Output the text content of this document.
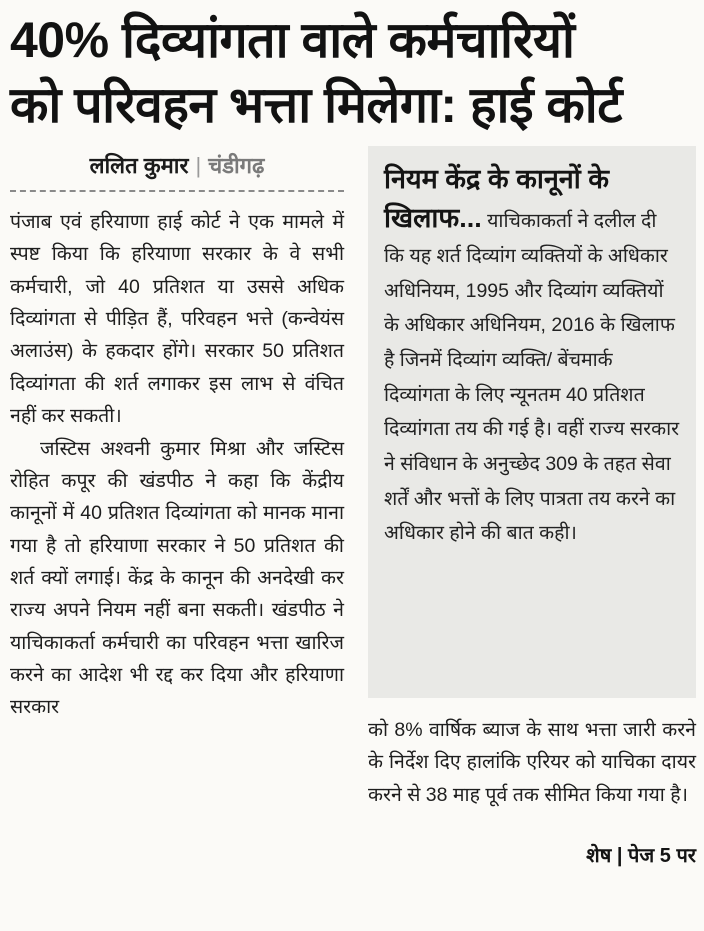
40% दिव्यांगता वाले कर्मचारियों
को परिवहन भत्ता मिलेगा: हाई कोर्ट
ललित कुमार | चंडीगढ़

पंजाब एवं हरियाणा हाई कोर्ट ने एक मामले में स्पष्ट किया कि हरियाणा सरकार के वे सभी कर्मचारी, जो 40 प्रतिशत या उससे अधिक दिव्यांगता से पीड़ित हैं, परिवहन भत्ते (कन्वेयंस अलाउंस) के हकदार होंगे। सरकार 50 प्रतिशत दिव्यांगता की शर्त लगाकर इस लाभ से वंचित नहीं कर सकती।

जस्टिस अश्वनी कुमार मिश्रा और जस्टिस रोहित कपूर की खंडपीठ ने कहा कि केंद्रीय कानूनों में 40 प्रतिशत दिव्यांगता को मानक माना गया है तो हरियाणा सरकार ने 50 प्रतिशत की शर्त क्यों लगाई। केंद्र के कानून की अनदेखी कर राज्य अपने नियम नहीं बना सकती। खंडपीठ ने याचिकाकर्ता कर्मचारी का परिवहन भत्ता खारिज करने का आदेश भी रद्द कर दिया और हरियाणा सरकार

नियम केंद्र के कानूनों के खिलाफ... याचिकाकर्ता ने दलील दी कि यह शर्त दिव्यांग व्यक्तियों के अधिकार अधिनियम, 1995 और दिव्यांग व्यक्तियों के अधिकार अधिनियम, 2016 के खिलाफ है जिनमें दिव्यांग व्यक्ति/ बेंचमार्क दिव्यांगता के लिए न्यूनतम 40 प्रतिशत दिव्यांगता तय की गई है। वहीं राज्य सरकार ने संविधान के अनुच्छेद 309 के तहत सेवा शर्तें और भत्तों के लिए पात्रता तय करने का अधिकार होने की बात कही।

को 8% वार्षिक ब्याज के साथ भत्ता जारी करने के निर्देश दिए हालांकि एरियर को याचिका दायर करने से 38 माह पूर्व तक सीमित किया गया है।
शेष | पेज 5 पर
